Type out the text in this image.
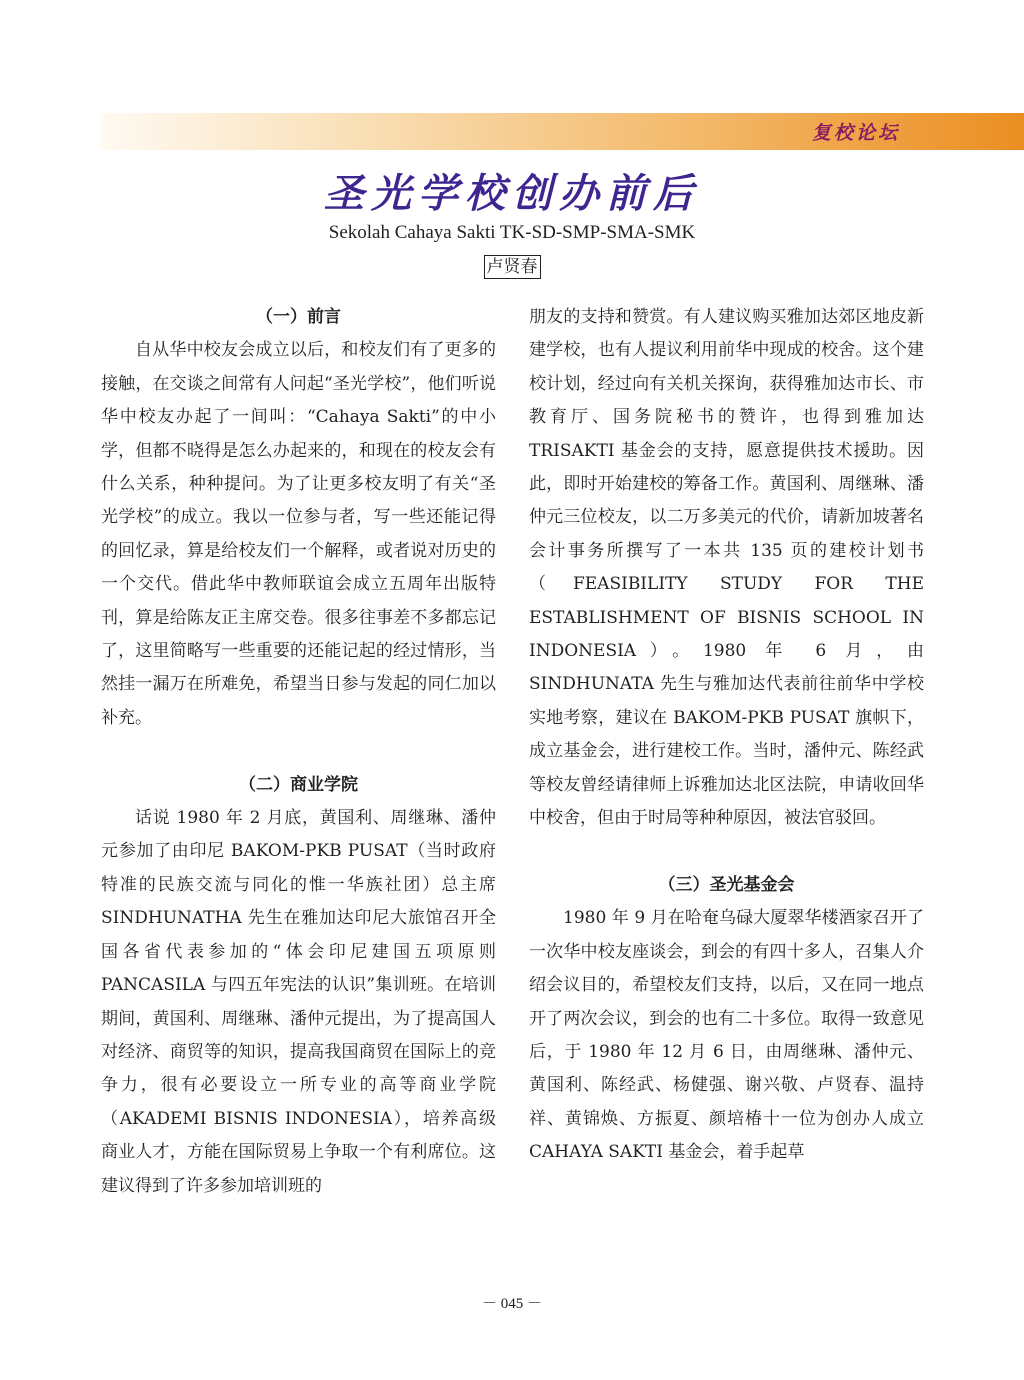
复校论坛
圣光学校创办前后
Sekolah Cahaya Sakti TK-SD-SMP-SMA-SMK
卢贤春
（一）前言

自从华中校友会成立以后，和校友们有了更多的接触，在交谈之间常有人问起“圣光学校”，他们听说华中校友办起了一间叫：“Cahaya Sakti”的中小学，但都不晓得是怎么办起来的，和现在的校友会有什么关系，种种提问。为了让更多校友明了有关“圣光学校”的成立。我以一位参与者，写一些还能记得的回忆录，算是给校友们一个解释，或者说对历史的一个交代。借此华中教师联谊会成立五周年出版特刊，算是给陈友正主席交卷。很多往事差不多都忘记了，这里简略写一些重要的还能记起的经过情形，当然挂一漏万在所难免，希望当日参与发起的同仁加以补充。

（二）商业学院

话说 1980 年 2 月底，黄国利、周继琳、潘仲元参加了由印尼 BAKOM-PKB PUSAT（当时政府特准的民族交流与同化的惟一华族社团）总主席 SINDHUNATHA 先生在雅加达印尼大旅馆召开全国各省代表参加的“体会印尼建国五项原则 PANCASILA 与四五年宪法的认识”集训班。在培训期间，黄国利、周继琳、潘仲元提出，为了提高国人对经济、商贸等的知识，提高我国商贸在国际上的竞争力，很有必要设立一所专业的高等商业学院（AKADEMI BISNIS INDONESIA），培养高级商业人才，方能在国际贸易上争取一个有利席位。这建议得到了许多参加培训班的

朋友的支持和赞赏。有人建议购买雅加达郊区地皮新建学校，也有人提议利用前华中现成的校舍。这个建校计划，经过向有关机关探询，获得雅加达市长、市教育厅、国务院秘书的赞许，也得到雅加达 TRISAKTI 基金会的支持，愿意提供技术援助。因此，即时开始建校的筹备工作。黄国利、周继琳、潘仲元三位校友，以二万多美元的代价，请新加坡著名会计事务所撰写了一本共 135 页的建校计划书（FEASIBILITY STUDY FOR THE ESTABLISHMENT OF BISNIS SCHOOL IN INDONESIA）。1980 年 6 月，由 SINDHUNATA 先生与雅加达代表前往前华中学校实地考察，建议在 BAKOM-PKB PUSAT 旗帜下，成立基金会，进行建校工作。当时，潘仲元、陈经武等校友曾经请律师上诉雅加达北区法院，申请收回华中校舍，但由于时局等种种原因，被法官驳回。

（三）圣光基金会

1980 年 9 月在哈奄乌碌大厦翠华楼酒家召开了一次华中校友座谈会，到会的有四十多人，召集人介绍会议目的，希望校友们支持，以后，又在同一地点开了两次会议，到会的也有二十多位。取得一致意见后，于 1980 年 12 月 6 日，由周继琳、潘仲元、黄国利、陈经武、杨健强、谢兴敬、卢贤春、温持祥、黄锦焕、方振夏、颜培椿十一位为创办人成立CAHAYA SAKTI 基金会，着手起草

－ 045 －
